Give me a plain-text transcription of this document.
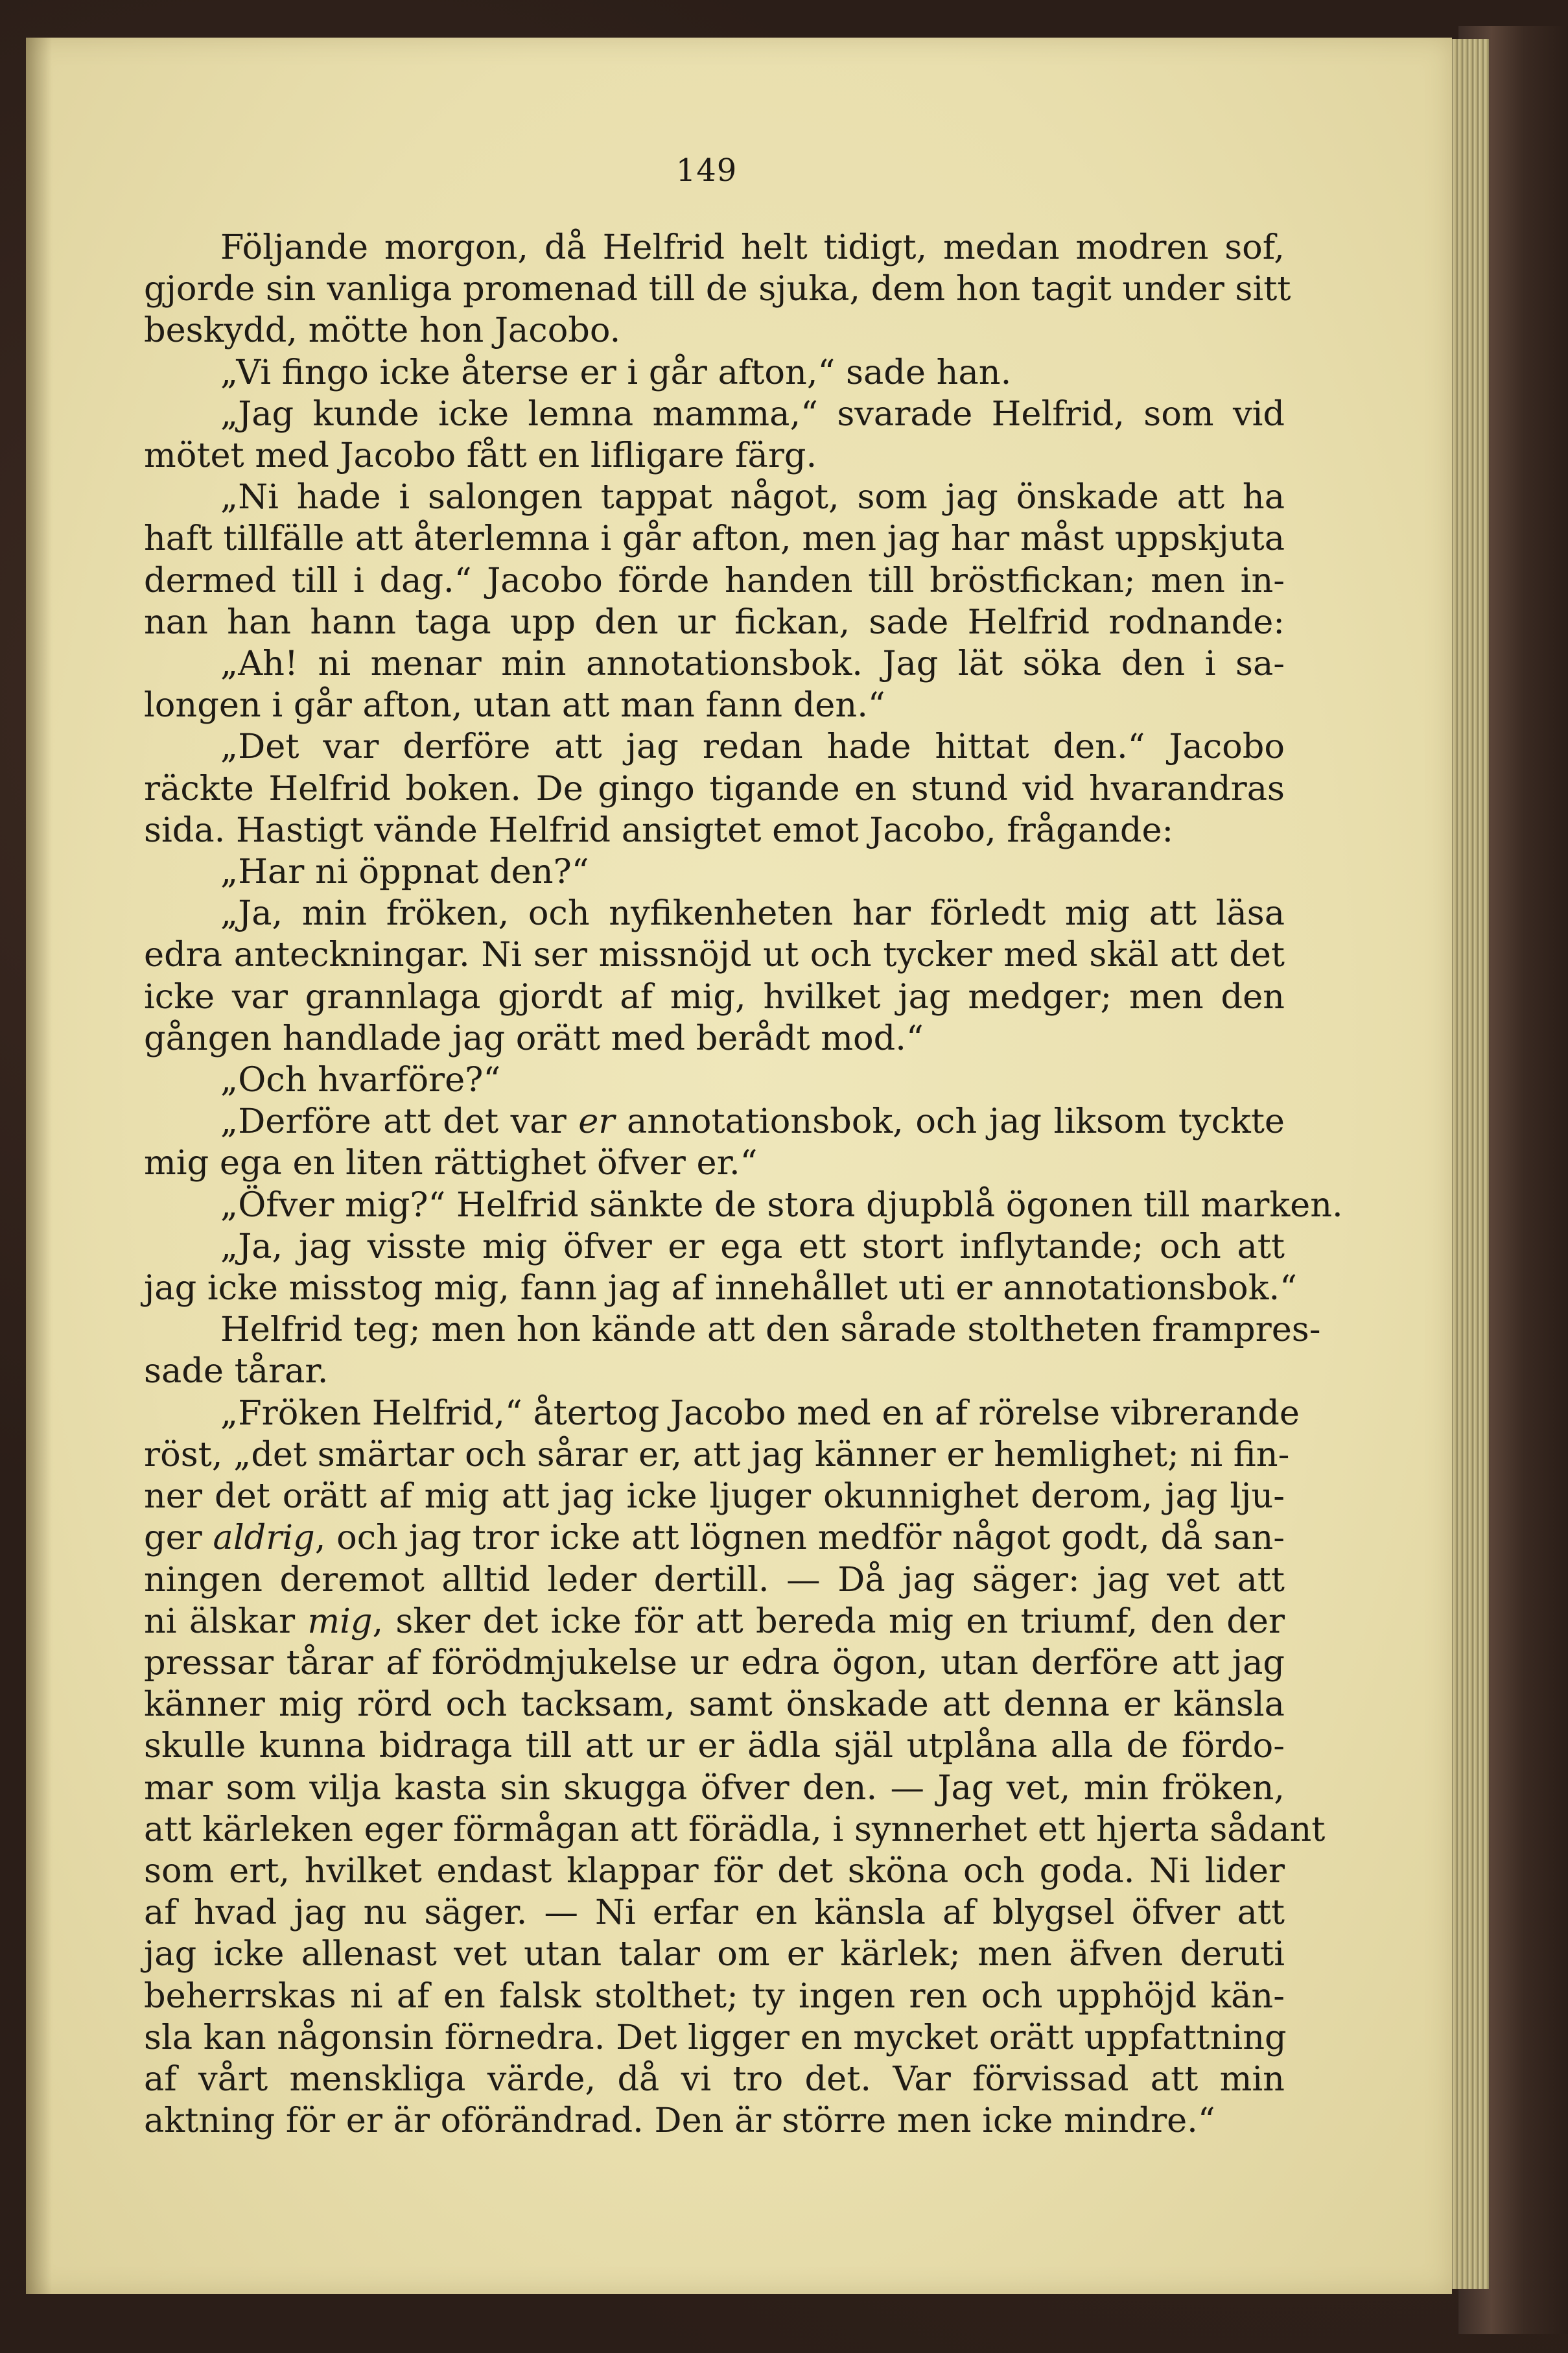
149
Följande morgon, då Helfrid helt tidigt, medan modren sof,
gjorde sin vanliga promenad till de sjuka, dem hon tagit under sitt
beskydd, mötte hon Jacobo.
„Vi fingo icke återse er i går afton,“ sade han.
„Jag kunde icke lemna mamma,“ svarade Helfrid, som vid
mötet med Jacobo fått en lifligare färg.
„Ni hade i salongen tappat något, som jag önskade att ha
haft tillfälle att återlemna i går afton, men jag har måst uppskjuta
dermed till i dag.“ Jacobo förde handen till bröstfickan; men in-
nan han hann taga upp den ur fickan, sade Helfrid rodnande:
„Ah! ni menar min annotationsbok. Jag lät söka den i sa-
longen i går afton, utan att man fann den.“
„Det var derföre att jag redan hade hittat den.“ Jacobo
räckte Helfrid boken. De gingo tigande en stund vid hvarandras
sida. Hastigt vände Helfrid ansigtet emot Jacobo, frågande:
„Har ni öppnat den?“
„Ja, min fröken, och nyfikenheten har förledt mig att läsa
edra anteckningar. Ni ser missnöjd ut och tycker med skäl att det
icke var grannlaga gjordt af mig, hvilket jag medger; men den
gången handlade jag orätt med berådt mod.“
„Och hvarföre?“
„Derföre att det var er annotationsbok, och jag liksom tyckte
mig ega en liten rättighet öfver er.“
„Öfver mig?“ Helfrid sänkte de stora djupblå ögonen till marken.
„Ja, jag visste mig öfver er ega ett stort inflytande; och att
jag icke misstog mig, fann jag af innehållet uti er annotationsbok.“
Helfrid teg; men hon kände att den sårade stoltheten frampres-
sade tårar.
„Fröken Helfrid,“ återtog Jacobo med en af rörelse vibrerande
röst, „det smärtar och sårar er, att jag känner er hemlighet; ni fin-
ner det orätt af mig att jag icke ljuger okunnighet derom, jag lju-
ger aldrig, och jag tror icke att lögnen medför något godt, då san-
ningen deremot alltid leder dertill. — Då jag säger: jag vet att
ni älskar mig, sker det icke för att bereda mig en triumf, den der
pressar tårar af förödmjukelse ur edra ögon, utan derföre att jag
känner mig rörd och tacksam, samt önskade att denna er känsla
skulle kunna bidraga till att ur er ädla själ utplåna alla de fördo-
mar som vilja kasta sin skugga öfver den. — Jag vet, min fröken,
att kärleken eger förmågan att förädla, i synnerhet ett hjerta sådant
som ert, hvilket endast klappar för det sköna och goda. Ni lider
af hvad jag nu säger. — Ni erfar en känsla af blygsel öfver att
jag icke allenast vet utan talar om er kärlek; men äfven deruti
beherrskas ni af en falsk stolthet; ty ingen ren och upphöjd kän-
sla kan någonsin förnedra. Det ligger en mycket orätt uppfattning
af vårt menskliga värde, då vi tro det. Var förvissad att min
aktning för er är oförändrad. Den är större men icke mindre.“
